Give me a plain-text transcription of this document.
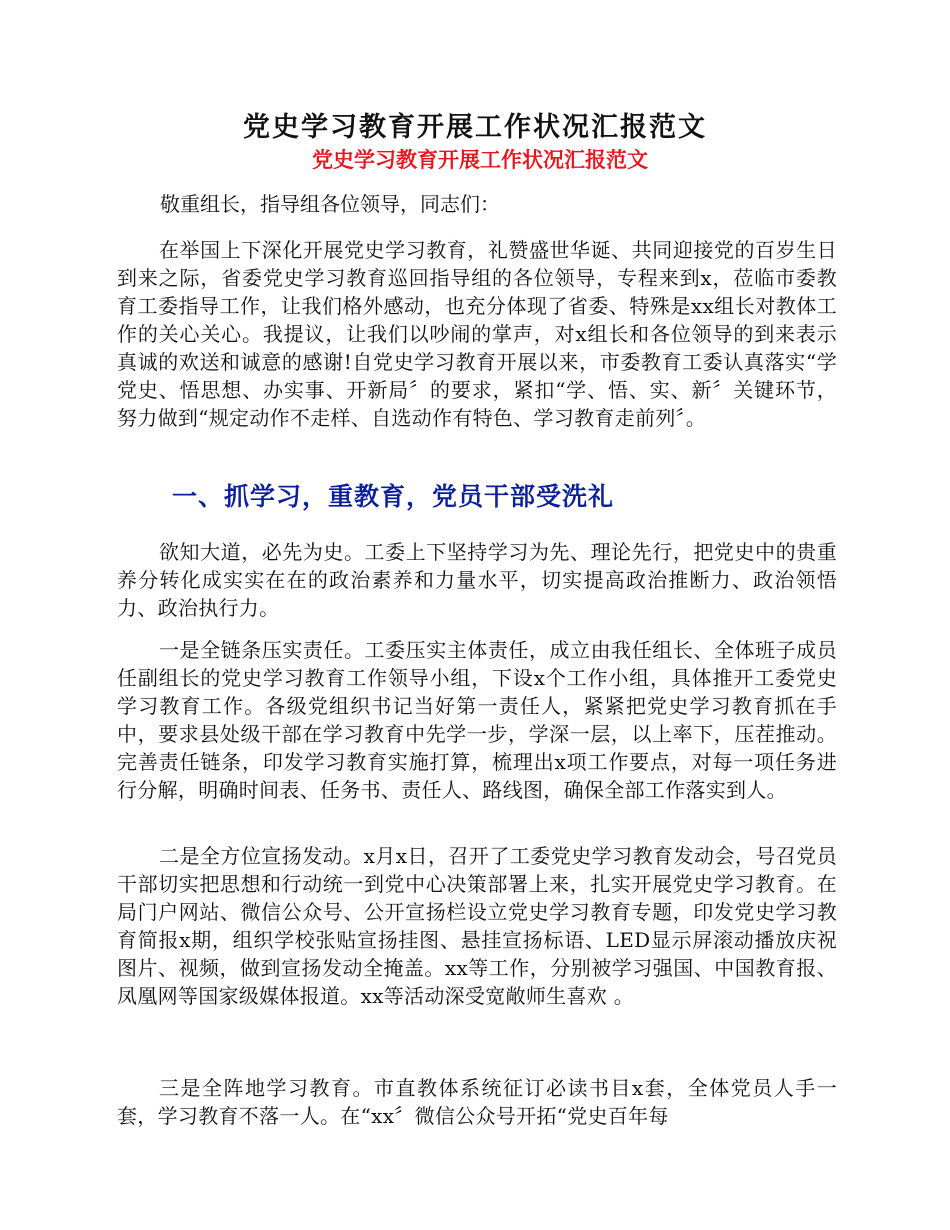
党史学习教育开展工作状况汇报范文
党史学习教育开展工作状况汇报范文
敬重组长，指导组各位领导，同志们：
在举国上下深化开展党史学习教育，礼赞盛世华诞、共同迎接党的百岁生日到来之际，省委党史学习教育巡回指导组的各位领导，专程来到x，莅临市委教育工委指导工作，让我们格外感动，也充分体现了省委、特殊是xx组长对教体工作的关心关心。我提议，让我们以吵闹的掌声，对x组长和各位领导的到来表示真诚的欢送和诚意的感谢!自党史学习教育开展以来，市委教育工委认真落实“学党史、悟思想、办实事、开新局〞的要求，紧扣“学、悟、实、新〞关键环节，努力做到“规定动作不走样、自选动作有特色、学习教育走前列〞。
一、抓学习，重教育，党员干部受洗礼
欲知大道，必先为史。工委上下坚持学习为先、理论先行，把党史中的贵重养分转化成实实在在的政治素养和力量水平，切实提高政治推断力、政治领悟力、政治执行力。
一是全链条压实责任。工委压实主体责任，成立由我任组长、全体班子成员任副组长的党史学习教育工作领导小组，下设x个工作小组，具体推开工委党史学习教育工作。各级党组织书记当好第一责任人，紧紧把党史学习教育抓在手中，要求县处级干部在学习教育中先学一步，学深一层，以上率下，压茬推动。完善责任链条，印发学习教育实施打算，梳理出x项工作要点，对每一项任务进行分解，明确时间表、任务书、责任人、路线图，确保全部工作落实到人。
二是全方位宣扬发动。x月x日，召开了工委党史学习教育发动会，号召党员干部切实把思想和行动统一到党中心决策部署上来，扎实开展党史学习教育。在局门户网站、微信公众号、公开宣扬栏设立党史学习教育专题，印发党史学习教育简报x期，组织学校张贴宣扬挂图、悬挂宣扬标语、LED显示屏滚动播放庆祝图片、视频，做到宣扬发动全掩盖。xx等工作，分别被学习强国、中国教育报、凤凰网等国家级媒体报道。xx等活动深受宽敞师生喜欢 。
三是全阵地学习教育。市直教体系统征订必读书目x套，全体党员人手一套，学习教育不落一人。在“xx〞微信公众号开拓“党史百年每
